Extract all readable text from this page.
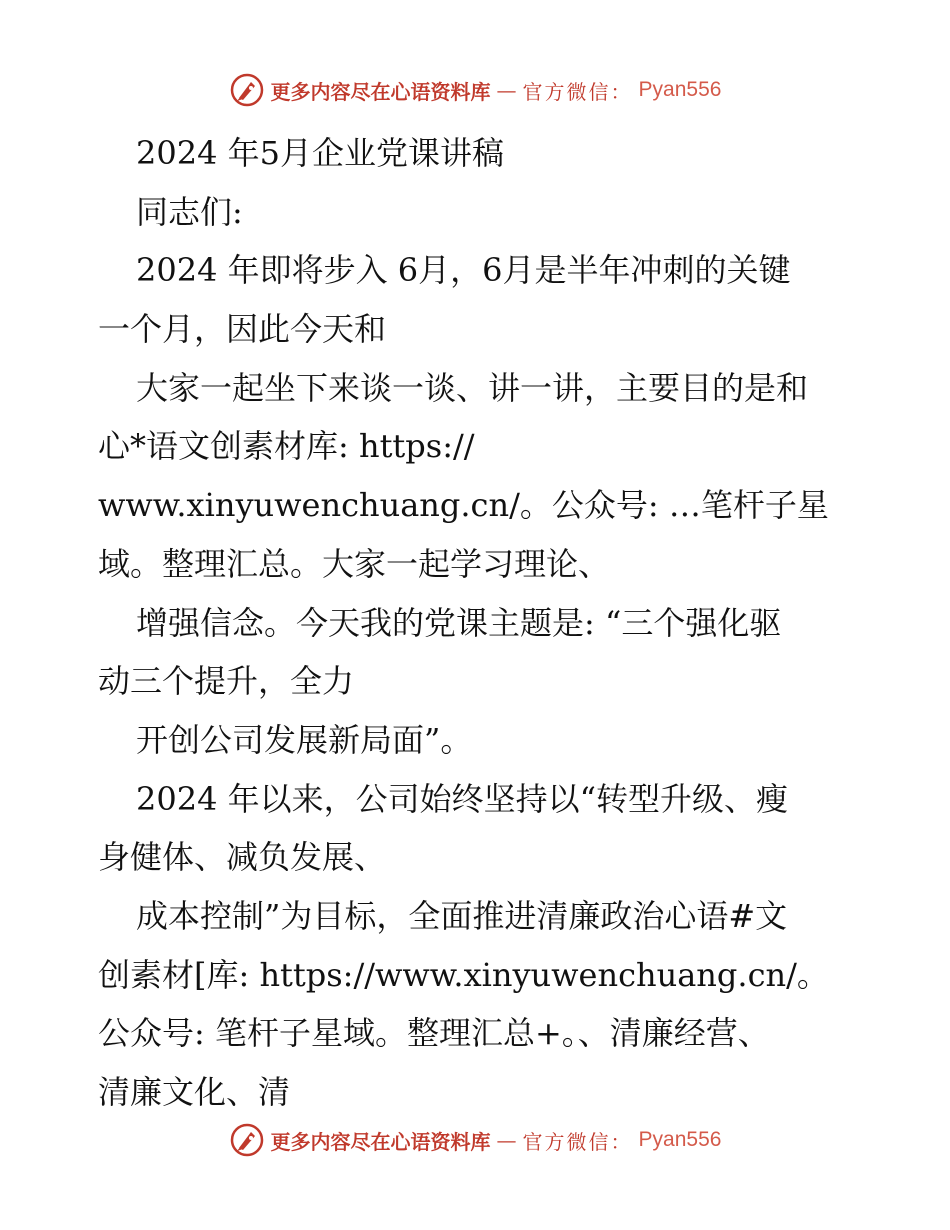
更多内容尽在心语资料库 — 官方微信： Pyan556
2024 年5月企业党课讲稿
同志们:
2024 年即将步入 6月，6月是半年冲刺的关键
一个月，因此今天和
大家一起坐下来谈一谈、讲一讲，主要目的是和
心*语文创素材库: https://
www.xinyuwenchuang.cn/。公众号: …笔杆子星
域。整理汇总。大家一起学习理论、
增强信念。今天我的党课主题是: “三个强化驱
动三个提升，全力
开创公司发展新局面”。
2024 年以来，公司始终坚持以“转型升级、瘦
身健体、减负发展、
成本控制”为目标，全面推进清廉政治心语#文
创素材[库: https://www.xinyuwenchuang.cn/。
公众号: 笔杆子星域。整理汇总+。、清廉经营、
清廉文化、清
更多内容尽在心语资料库 — 官方微信： Pyan556
